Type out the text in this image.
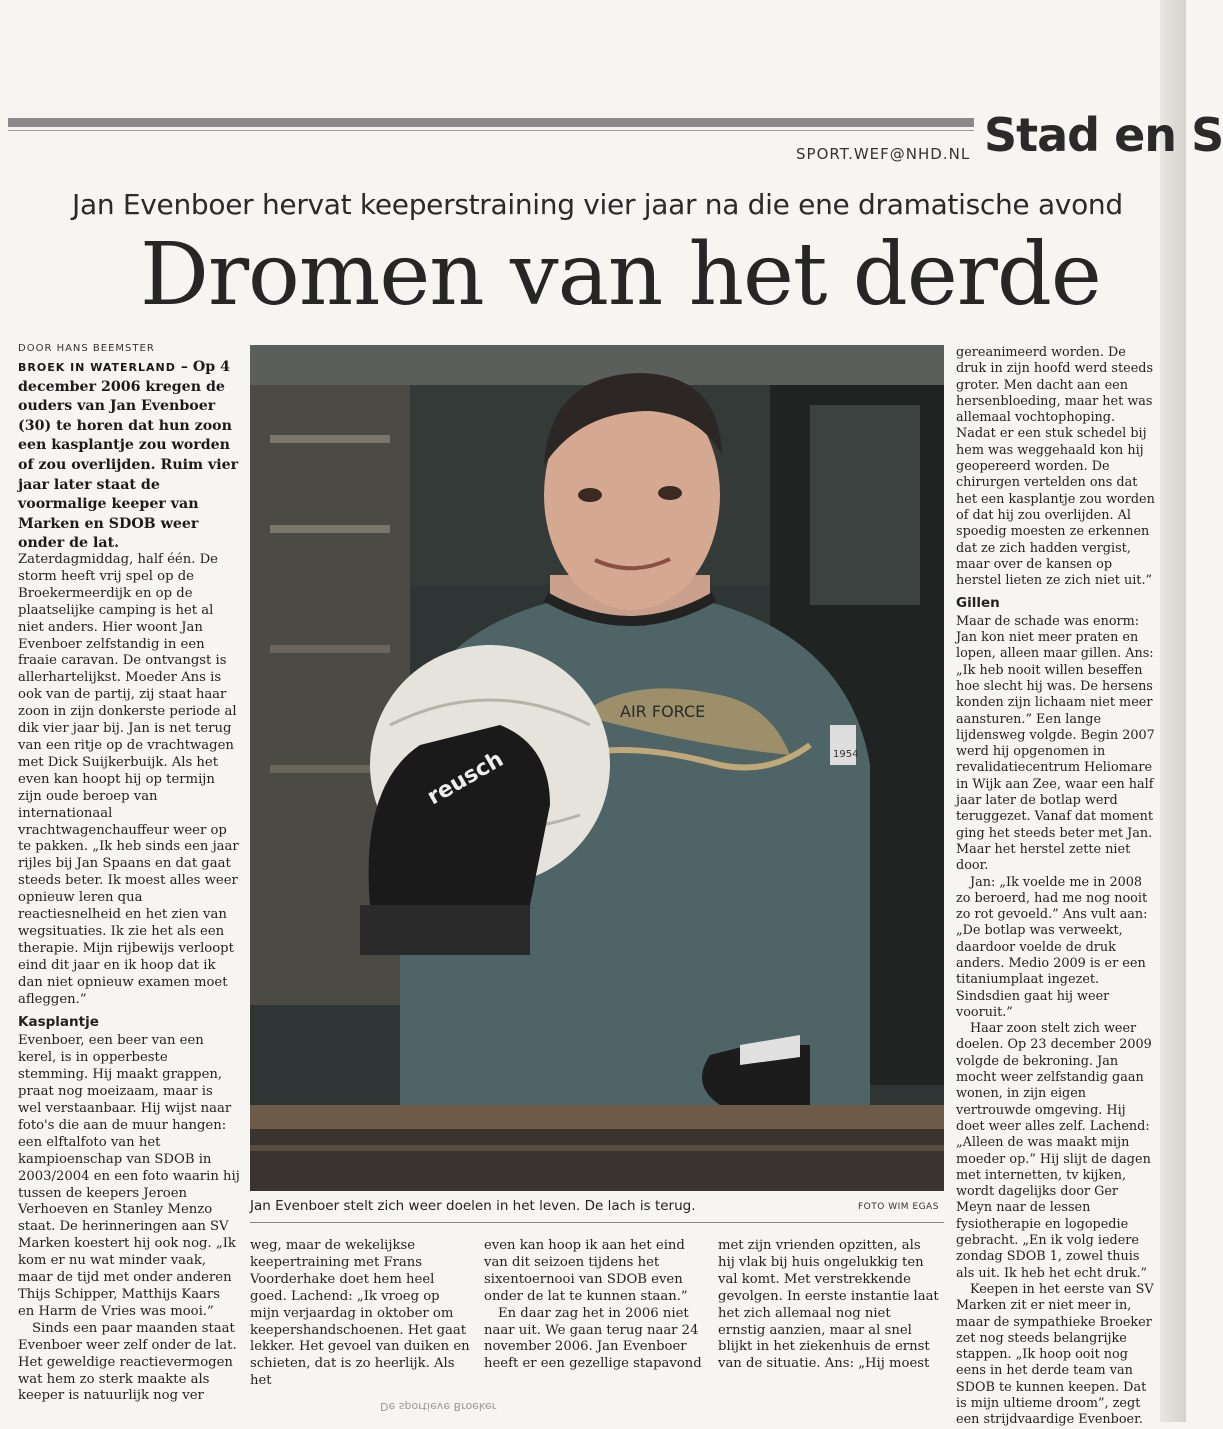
Stad en S
SPORT.WEF@NHD.NL
Jan Evenboer hervat keeperstraining vier jaar na die ene dramatische avond
Dromen van het derde
DOOR HANS BEEMSTER
BROEK IN WATERLAND – Op 4 december 2006 kregen de ouders van Jan Evenboer (30) te horen dat hun zoon een kasplantje zou worden of zou overlijden. Ruim vier jaar later staat de voormalige keeper van Marken en SDOB weer onder de lat.

Zaterdagmiddag, half één. De storm heeft vrij spel op de Broekermeerdijk en op de plaatselijke camping is het al niet anders. Hier woont Jan Evenboer zelfstandig in een fraaie caravan. De ontvangst is allerhartelijkst. Moeder Ans is ook van de partij, zij staat haar zoon in zijn donkerste periode al dik vier jaar bij. Jan is net terug van een ritje op de vrachtwagen met Dick Suijkerbuijk. Als het even kan hoopt hij op termijn zijn oude beroep van internationaal vrachtwagenchauffeur weer op te pakken. „Ik heb sinds een jaar rijles bij Jan Spaans en dat gaat steeds beter. Ik moest alles weer opnieuw leren qua reactiesnelheid en het zien van wegsituaties. Ik zie het als een therapie. Mijn rijbewijs verloopt eind dit jaar en ik hoop dat ik dan niet opnieuw examen moet afleggen.”

Kasplantje

Evenboer, een beer van een kerel, is in opperbeste stemming. Hij maakt grappen, praat nog moeizaam, maar is wel verstaanbaar. Hij wijst naar foto's die aan de muur hangen: een elftalfoto van het kampioenschap van SDOB in 2003/2004 en een foto waarin hij tussen de keepers Jeroen Verhoeven en Stanley Menzo staat. De herinneringen aan SV Marken koestert hij ook nog. „Ik kom er nu wat minder vaak, maar de tijd met onder anderen Thijs Schipper, Matthijs Kaars en Harm de Vries was mooi.”

Sinds een paar maanden staat Evenboer weer zelf onder de lat. Het geweldige reactievermogen wat hem zo sterk maakte als keeper is natuurlijk nog ver

AIR FORCE
1954
reusch
Jan Evenboer stelt zich weer doelen in het leven. De lach is terug.	FOTO WIM EGAS

weg, maar de wekelijkse keepertraining met Frans Voorderhake doet hem heel goed. Lachend: „Ik vroeg op mijn verjaardag in oktober om keepershandschoenen. Het gaat lekker. Het gevoel van duiken en schieten, dat is zo heerlijk. Als het

even kan hoop ik aan het eind van dit seizoen tijdens het sixentoernooi van SDOB even onder de lat te kunnen staan.”

En daar zag het in 2006 niet naar uit. We gaan terug naar 24 november 2006. Jan Evenboer heeft er een gezellige stapavond

met zijn vrienden opzitten, als hij vlak bij huis ongelukkig ten val komt. Met verstrekkende gevolgen. In eerste instantie laat het zich allemaal nog niet ernstig aanzien, maar al snel blijkt in het ziekenhuis de ernst van de situatie. Ans: „Hij moest

gereanimeerd worden. De druk in zijn hoofd werd steeds groter. Men dacht aan een hersenbloeding, maar het was allemaal vochtophoping. Nadat er een stuk schedel bij hem was weggehaald kon hij geopereerd worden. De chirurgen vertelden ons dat het een kasplantje zou worden of dat hij zou overlijden. Al spoedig moesten ze erkennen dat ze zich hadden vergist, maar over de kansen op herstel lieten ze zich niet uit.”

Gillen

Maar de schade was enorm: Jan kon niet meer praten en lopen, alleen maar gillen. Ans: „Ik heb nooit willen beseffen hoe slecht hij was. De hersens konden zijn lichaam niet meer aansturen.” Een lange lijdensweg volgde. Begin 2007 werd hij opgenomen in revalidatiecentrum Heliomare in Wijk aan Zee, waar een half jaar later de botlap werd teruggezet. Vanaf dat moment ging het steeds beter met Jan. Maar het herstel zette niet door.

Jan: „Ik voelde me in 2008 zo beroerd, had me nog nooit zo rot gevoeld.” Ans vult aan: „De botlap was verweekt, daardoor voelde de druk anders. Medio 2009 is er een titaniumplaat ingezet. Sindsdien gaat hij weer vooruit.”

Haar zoon stelt zich weer doelen. Op 23 december 2009 volgde de bekroning. Jan mocht weer zelfstandig gaan wonen, in zijn eigen vertrouwde omgeving. Hij doet weer alles zelf. Lachend: „Alleen de was maakt mijn moeder op.” Hij slijt de dagen met internetten, tv kijken, wordt dagelijks door Ger Meyn naar de lessen fysiotherapie en logopedie gebracht. „En ik volg iedere zondag SDOB 1, zowel thuis als uit. Ik heb het echt druk.”

Keepen in het eerste van SV Marken zit er niet meer in, maar de sympathieke Broeker zet nog steeds belangrijke stappen. „Ik hoop ooit nog eens in het derde team van SDOB te kunnen keepen. Dat is mijn ultieme droom”, zegt een strijdvaardige Evenboer.

De sportieve Broeker
